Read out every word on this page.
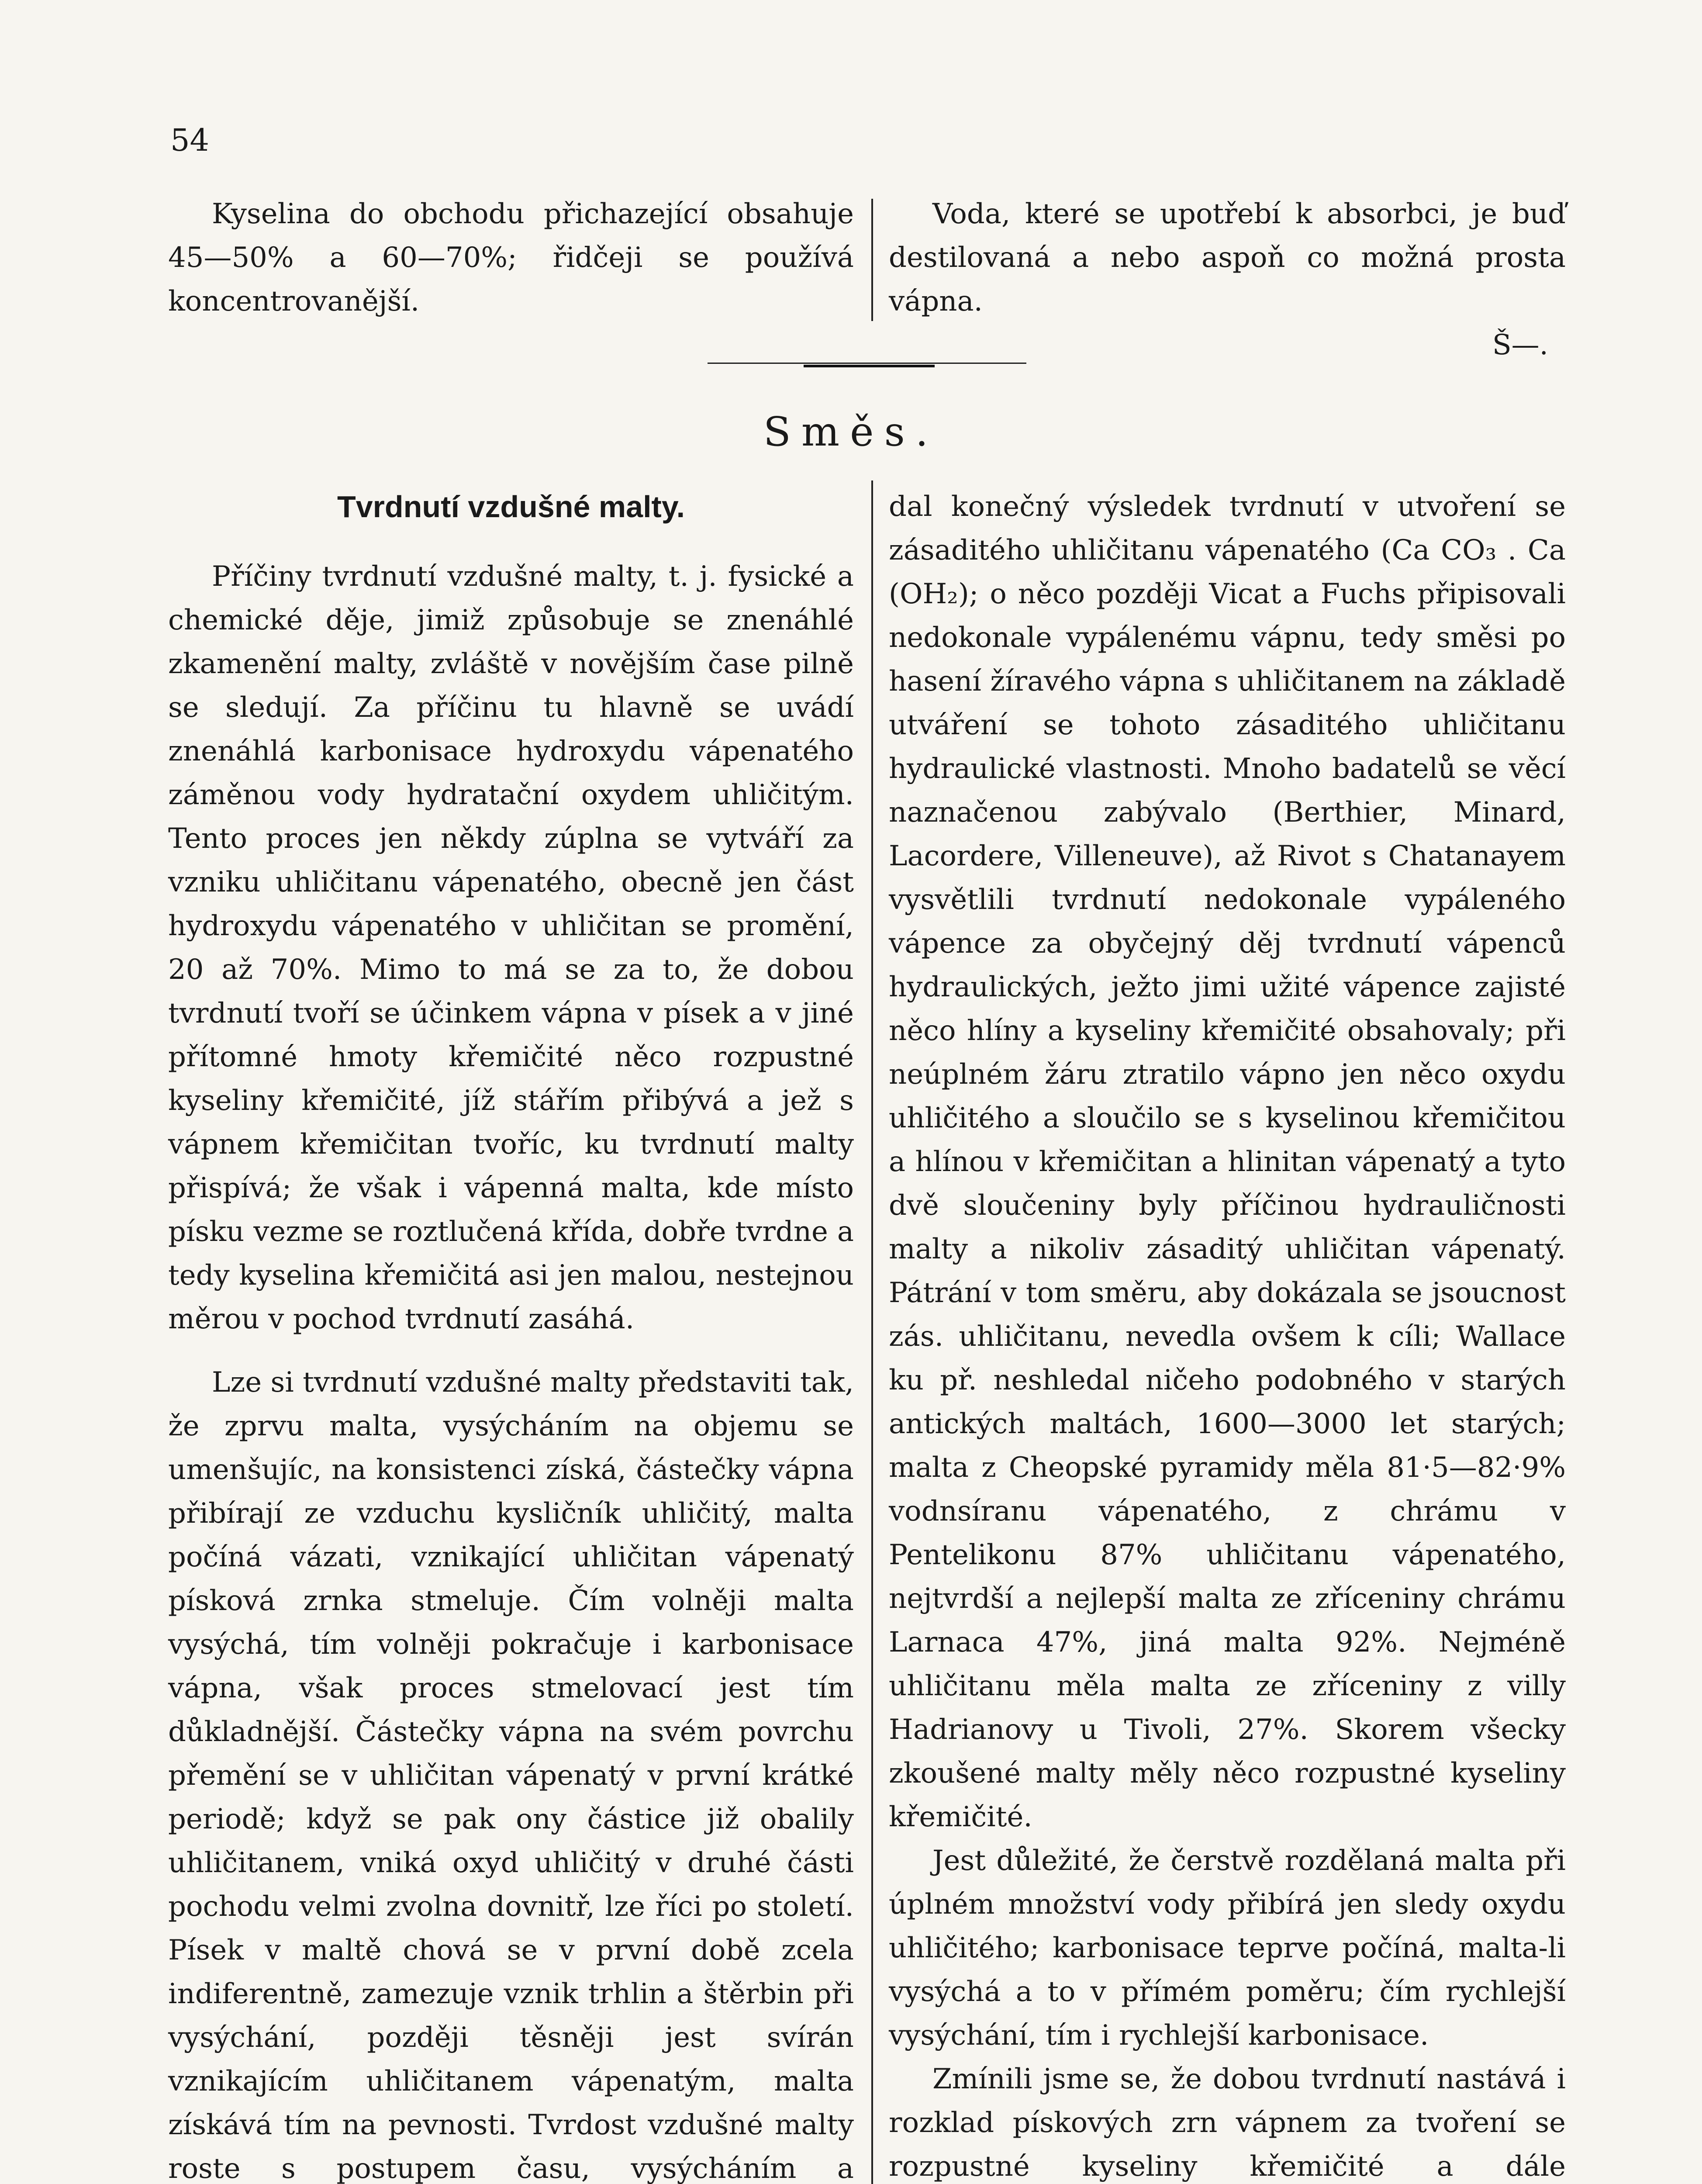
54

Kyselina do obchodu přichazející obsahuje 45—50% a 60—70%; řidčeji se používá koncentrovanější.

Voda, které se upotřebí k absorbci, je buď destilovaná a nebo aspoň co možná prosta vápna.

Š—.
Směs.

Tvrdnutí vzdušné malty.

Příčiny tvrdnutí vzdušné malty, t. j. fysické a chemické děje, jimiž způsobuje se znenáhlé zkamenění malty, zvláště v novějším čase pilně se sledují. Za příčinu tu hlavně se uvádí znenáhlá karbonisace hydroxydu vápenatého záměnou vody hydratační oxydem uhličitým. Tento proces jen někdy zúplna se vytváří za vzniku uhličitanu vápenatého, obecně jen část hydroxydu vápenatého v uhličitan se promění, 20 až 70%. Mimo to má se za to, že dobou tvrdnutí tvoří se účinkem vápna v písek a v jiné přítomné hmoty křemičité něco rozpustné kyseliny křemičité, jíž stářím přibývá a jež s vápnem křemičitan tvoříc, ku tvrdnutí malty přispívá; že však i vápenná malta, kde místo písku vezme se roztlučená křída, dobře tvrdne a tedy kyselina křemičitá asi jen malou, nestejnou měrou v pochod tvrdnutí zasáhá.

Lze si tvrdnutí vzdušné malty představiti tak, že zprvu malta, vysýcháním na objemu se umenšujíc, na konsistenci získá, částečky vápna přibírají ze vzduchu kysličník uhličitý, malta počíná vázati, vznikající uhličitan vápenatý písková zrnka stmeluje. Čím volněji malta vysýchá, tím volněji pokračuje i karbonisace vápna, však proces stmelovací jest tím důkladnější. Částečky vápna na svém povrchu přemění se v uhličitan vápenatý v první krátké periodě; když se pak ony částice již obalily uhličitanem, vniká oxyd uhličitý v druhé části pochodu velmi zvolna dovnitř, lze říci po století. Písek v maltě chová se v první době zcela indiferentně, zamezuje vznik trhlin a štěrbin při vysýchání, později těsněji jest svírán vznikajícím uhličitanem vápenatým, malta získává tím na pevnosti. Tvrdost vzdušné malty roste s postupem času, vysýcháním a

dal konečný výsledek tvrdnutí v utvoření se zásaditého uhličitanu vápenatého (Ca CO₃ . Ca (OH₂); o něco později Vicat a Fuchs připisovali nedokonale vypálenému vápnu, tedy směsi po hasení žíravého vápna s uhličitanem na základě utváření se tohoto zásaditého uhličitanu hydraulické vlastnosti. Mnoho badatelů se věcí naznačenou zabývalo (Berthier, Minard, Lacordere, Villeneuve), až Rivot s Chatanayem vysvětlili tvrdnutí nedokonale vypáleného vápence za obyčejný děj tvrdnutí vápenců hydraulických, ježto jimi užité vápence zajisté něco hlíny a kyseliny křemičité obsahovaly; při neúplném žáru ztratilo vápno jen něco oxydu uhličitého a sloučilo se s kyselinou křemičitou a hlínou v křemičitan a hlinitan vápenatý a tyto dvě sloučeniny byly příčinou hydrauličnosti malty a nikoliv zásaditý uhličitan vápenatý. Pátrání v tom směru, aby dokázala se jsoucnost zás. uhličitanu, nevedla ovšem k cíli; Wallace ku př. neshledal ničeho podobného v starých antických maltách, 1600—3000 let starých; malta z Cheopské pyramidy měla 81·5—82·9% vodnsíranu vápenatého, z chrámu v Pentelikonu 87% uhličitanu vápenatého, nejtvrdší a nejlepší malta ze zříceniny chrámu Larnaca 47%, jiná malta 92%. Nejméně uhličitanu měla malta ze zříceniny z villy Hadrianovy u Tivoli, 27%. Skorem všecky zkoušené malty měly něco rozpustné kyseliny křemičité.

Jest důležité, že čerstvě rozdělaná malta při úplném množství vody přibírá jen sledy oxydu uhličitého; karbonisace teprve počíná, malta-li vysýchá a to v přímém poměru; čím rychlejší vysýchání, tím i rychlejší karbonisace.

Zmínili jsme se, že dobou tvrdnutí nastává i rozklad pískových zrn vápnem za tvoření se rozpustné kyseliny křemičité a dále
